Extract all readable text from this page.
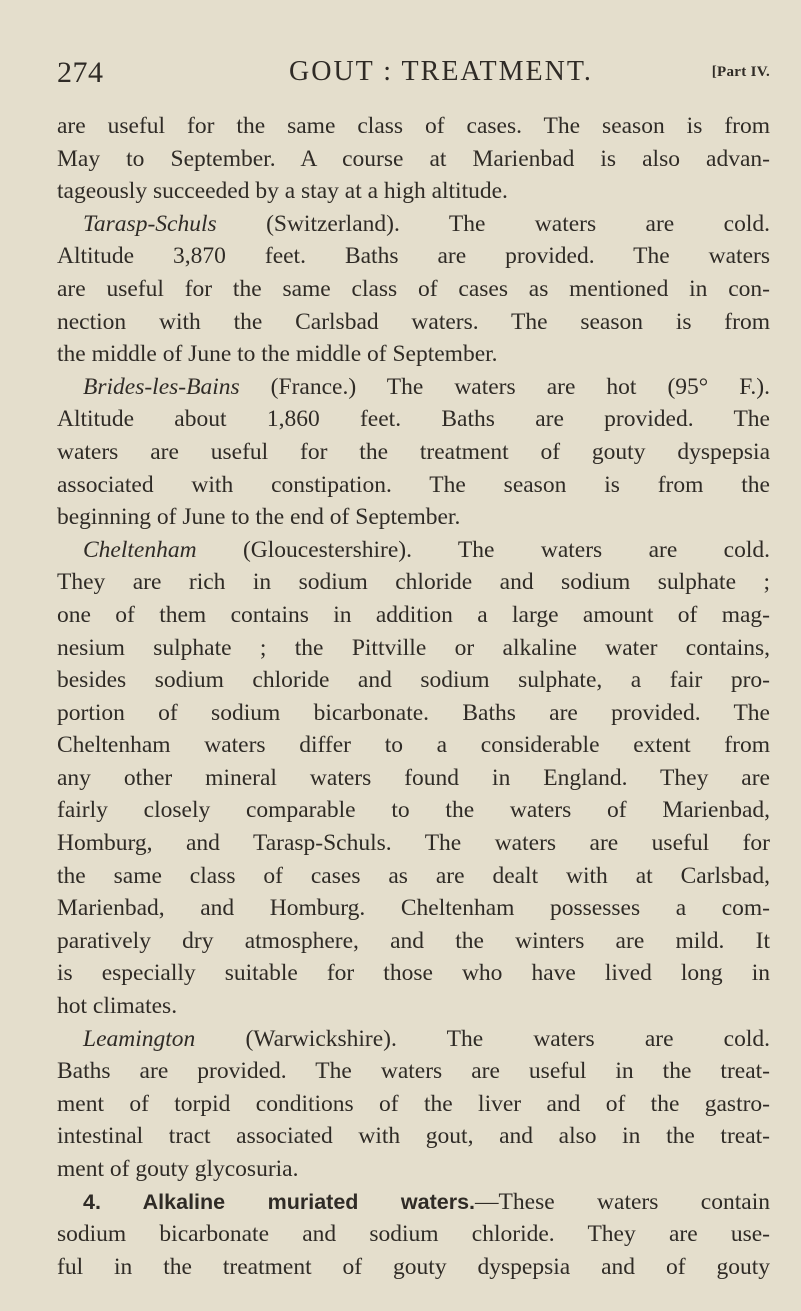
274	GOUT : TREATMENT.	[Part IV.
are useful for the same class of cases. The season is from
May to September. A course at Marienbad is also advan-
tageously succeeded by a stay at a high altitude.
Tarasp-Schuls (Switzerland). The waters are cold.
Altitude 3,870 feet. Baths are provided. The waters
are useful for the same class of cases as mentioned in con-
nection with the Carlsbad waters. The season is from
the middle of June to the middle of September.
Brides-les-Bains (France.) The waters are hot (95° F.).
Altitude about 1,860 feet. Baths are provided. The
waters are useful for the treatment of gouty dyspepsia
associated with constipation. The season is from the
beginning of June to the end of September.
Cheltenham (Gloucestershire). The waters are cold.
They are rich in sodium chloride and sodium sulphate ;
one of them contains in addition a large amount of mag-
nesium sulphate ; the Pittville or alkaline water contains,
besides sodium chloride and sodium sulphate, a fair pro-
portion of sodium bicarbonate. Baths are provided. The
Cheltenham waters differ to a considerable extent from
any other mineral waters found in England. They are
fairly closely comparable to the waters of Marienbad,
Homburg, and Tarasp-Schuls. The waters are useful for
the same class of cases as are dealt with at Carlsbad,
Marienbad, and Homburg. Cheltenham possesses a com-
paratively dry atmosphere, and the winters are mild. It
is especially suitable for those who have lived long in
hot climates.
Leamington (Warwickshire). The waters are cold.
Baths are provided. The waters are useful in the treat-
ment of torpid conditions of the liver and of the gastro-
intestinal tract associated with gout, and also in the treat-
ment of gouty glycosuria.
4. Alkaline muriated waters.—These waters contain
sodium bicarbonate and sodium chloride. They are use-
ful in the treatment of gouty dyspepsia and of gouty
